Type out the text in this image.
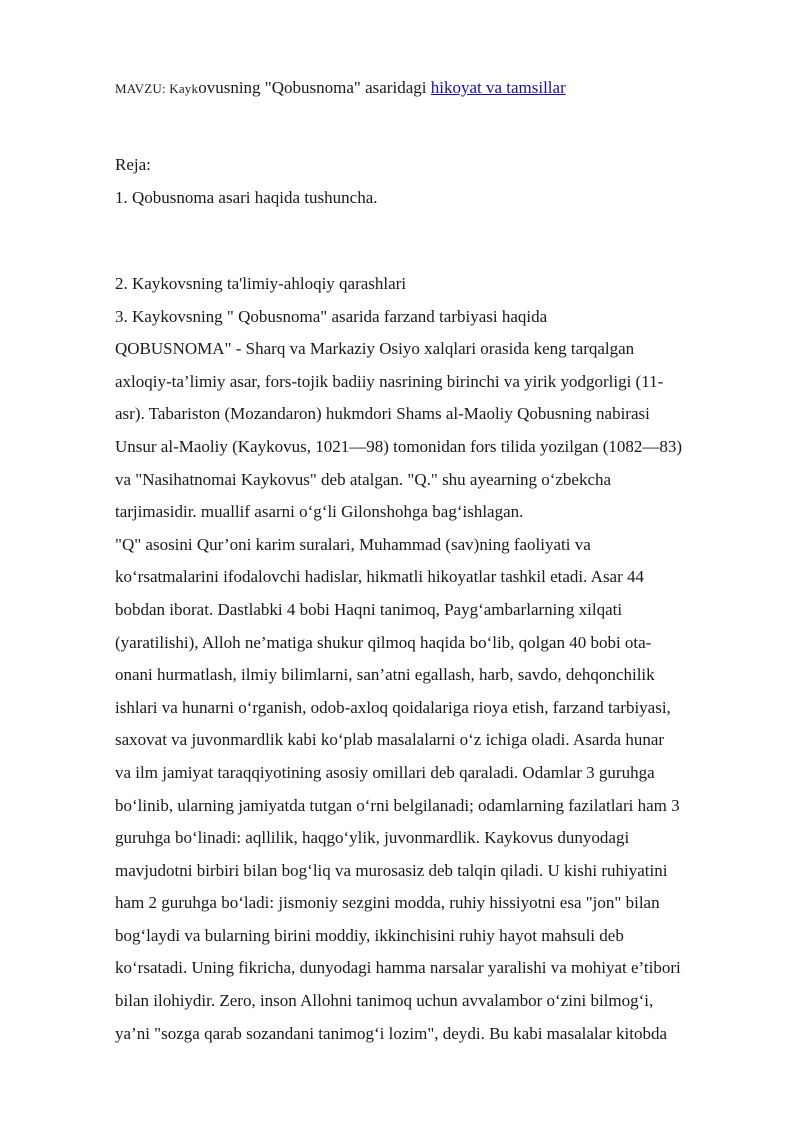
MAVZU: Kaykovusning "Qobusnoma" asaridagi hikoyat va tamsillar
Reja:
1. Qobusnoma asari haqida tushuncha.
2. Kaykovsning ta'limiy-ahloqiy qarashlari
3. Kaykovsning " Qobusnoma" asarida farzand tarbiyasi haqida
QOBUSNOMA" - Sharq va Markaziy Osiyo xalqlari orasida keng tarqalgan
axloqiy-ta’limiy asar, fors-tojik badiiy nasrining birinchi va yirik yodgorligi (11-
asr). Tabariston (Mozandaron) hukmdori Shams al-Maoliy Qobusning nabirasi
Unsur al-Maoliy (Kaykovus, 1021—98) tomonidan fors tilida yozilgan (1082—83)
va "Nasihatnomai Kaykovus" deb atalgan. "Q." shu ayearning oʻzbekcha
tarjimasidir. muallif asarni oʻgʻli Gilonshohga bagʻishlagan.
"Q" asosini Qur’oni karim suralari, Muhammad (sav)ning faoliyati va
koʻrsatmalarini ifodalovchi hadislar, hikmatli hikoyatlar tashkil etadi. Asar 44
bobdan iborat. Dastlabki 4 bobi Haqni tanimoq, Paygʻambarlarning xilqati
(yaratilishi), Alloh ne’matiga shukur qilmoq haqida boʻlib, qolgan 40 bobi ota-
onani hurmatlash, ilmiy bilimlarni, san’atni egallash, harb, savdo, dehqonchilik
ishlari va hunarni oʻrganish, odob-axloq qoidalariga rioya etish, farzand tarbiyasi,
saxovat va juvonmardlik kabi koʻplab masalalarni oʻz ichiga oladi. Asarda hunar
va ilm jamiyat taraqqiyotining asosiy omillari deb qaraladi. Odamlar 3 guruhga
boʻlinib, ularning jamiyatda tutgan oʻrni belgilanadi; odamlarning fazilatlari ham 3
guruhga boʻlinadi: aqllilik, haqgoʻylik, juvonmardlik. Kaykovus dunyodagi
mavjudotni birbiri bilan bogʻliq va murosasiz deb talqin qiladi. U kishi ruhiyatini
ham 2 guruhga boʻladi: jismoniy sezgini modda, ruhiy hissiyotni esa "jon" bilan
bogʻlaydi va bularning birini moddiy, ikkinchisini ruhiy hayot mahsuli deb
koʻrsatadi. Uning fikricha, dunyodagi hamma narsalar yaralishi va mohiyat e’tibori
bilan ilohiydir. Zero, inson Allohni tanimoq uchun avvalambor oʻzini bilmogʻi,
ya’ni "sozga qarab sozandani tanimogʻi lozim", deydi. Bu kabi masalalar kitobda
